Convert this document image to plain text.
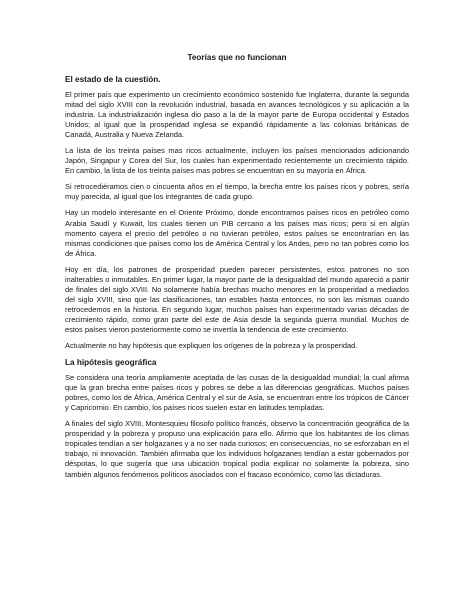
Teorías que no funcionan
El estado de la cuestión.

El primer país que experimento un crecimiento económico sostenido fue Inglaterra, durante la segunda mitad del siglo XVIII con la revolución industrial, basada en avances tecnológicos y su aplicación a la industria. La industrialización inglesa dio paso a la de la mayor parte de Europa occidental y Estados Unidos; al igual que la prosperidad inglesa se expandió rápidamente a las colonias británicas de Canadá, Australia y Nueva Zelanda.

La lista de los treinta países mas ricos actualmente, incluyen los países mencionados adicionando Japón, Singapur y Corea del Sur, los cuales han experimentado recientemente un crecimiento rápido. En cambio, la lista de los treinta países mas pobres se encuentran en su mayoría en África.

Si retrocediéramos cien o cincuenta años en el tiempo, la brecha entre los países ricos y pobres, sería muy parecida, al igual que los integrantes de cada grupo.

Hay un modelo interesante en el Oriente Próximo, donde encontramos países ricos en petróleo como Arabia Saudí y Kuwait, los cuales tienen un PIB cercano a los países mas ricos; pero si en algún momento cayera el precio del petróleo o no tuvieran petróleo, estos países se encontrarían en las mismas condiciones que países como los de América Central y los Andes, pero no tan pobres como los de África.

Hoy en día, los patrones de prosperidad pueden parecer persistentes, estos patrones no son inalterables o inmutables. En primer lugar, la mayor parte de la desigualdad del mundo apareció a partir de finales del siglo XVIII. No solamente había brechas mucho menores en la prosperidad a mediados del siglo XVIII, sino que las clasificaciones, tan estables hasta entonces, no son las mismas cuando retrocedemos en la historia. En segundo lugar, muchos países han experimentado varias décadas de crecimiento rápido, como gran parte del este de Asia desde la segunda guerra mundial. Muchos de estos países vieron posteriormente como se invertía la tendencia de este crecimiento.

Actualmente no hay hipótesis que expliquen los orígenes de la pobreza y la prosperidad.

La hipótesis geográfica

Se considera una teoría ampliamente aceptada de las cusas de la desigualdad mundial; la cual afirma que la gran brecha entre países ricos y pobres se debe a las diferencias geográficas. Muchos países pobres, como los de África, América Central y el sur de Asia, se encuentran entre los trópicos de Cáncer y Capricornio. En cambio, los países ricos suelen estar en latitudes templadas.

A finales del siglo XVIII, Montesquieu filosofo político francés, observo la concentración geográfica de la prosperidad y la pobreza y propuso una explicación para ello. Afirmo que los habitantes de los climas tropicales tendían a ser holgazanes y a no ser nada curiosos; en consecuencias, no se esforzaban en el trabajo, ni innovación. También afirmaba que los individuos holgazanes tendían a estar gobernados por déspotas, lo que sugería que una ubicación tropical podía explicar no solamente la pobreza, sino también algunos fenómenos políticos asociados con el fracaso económico, como las dictaduras.
